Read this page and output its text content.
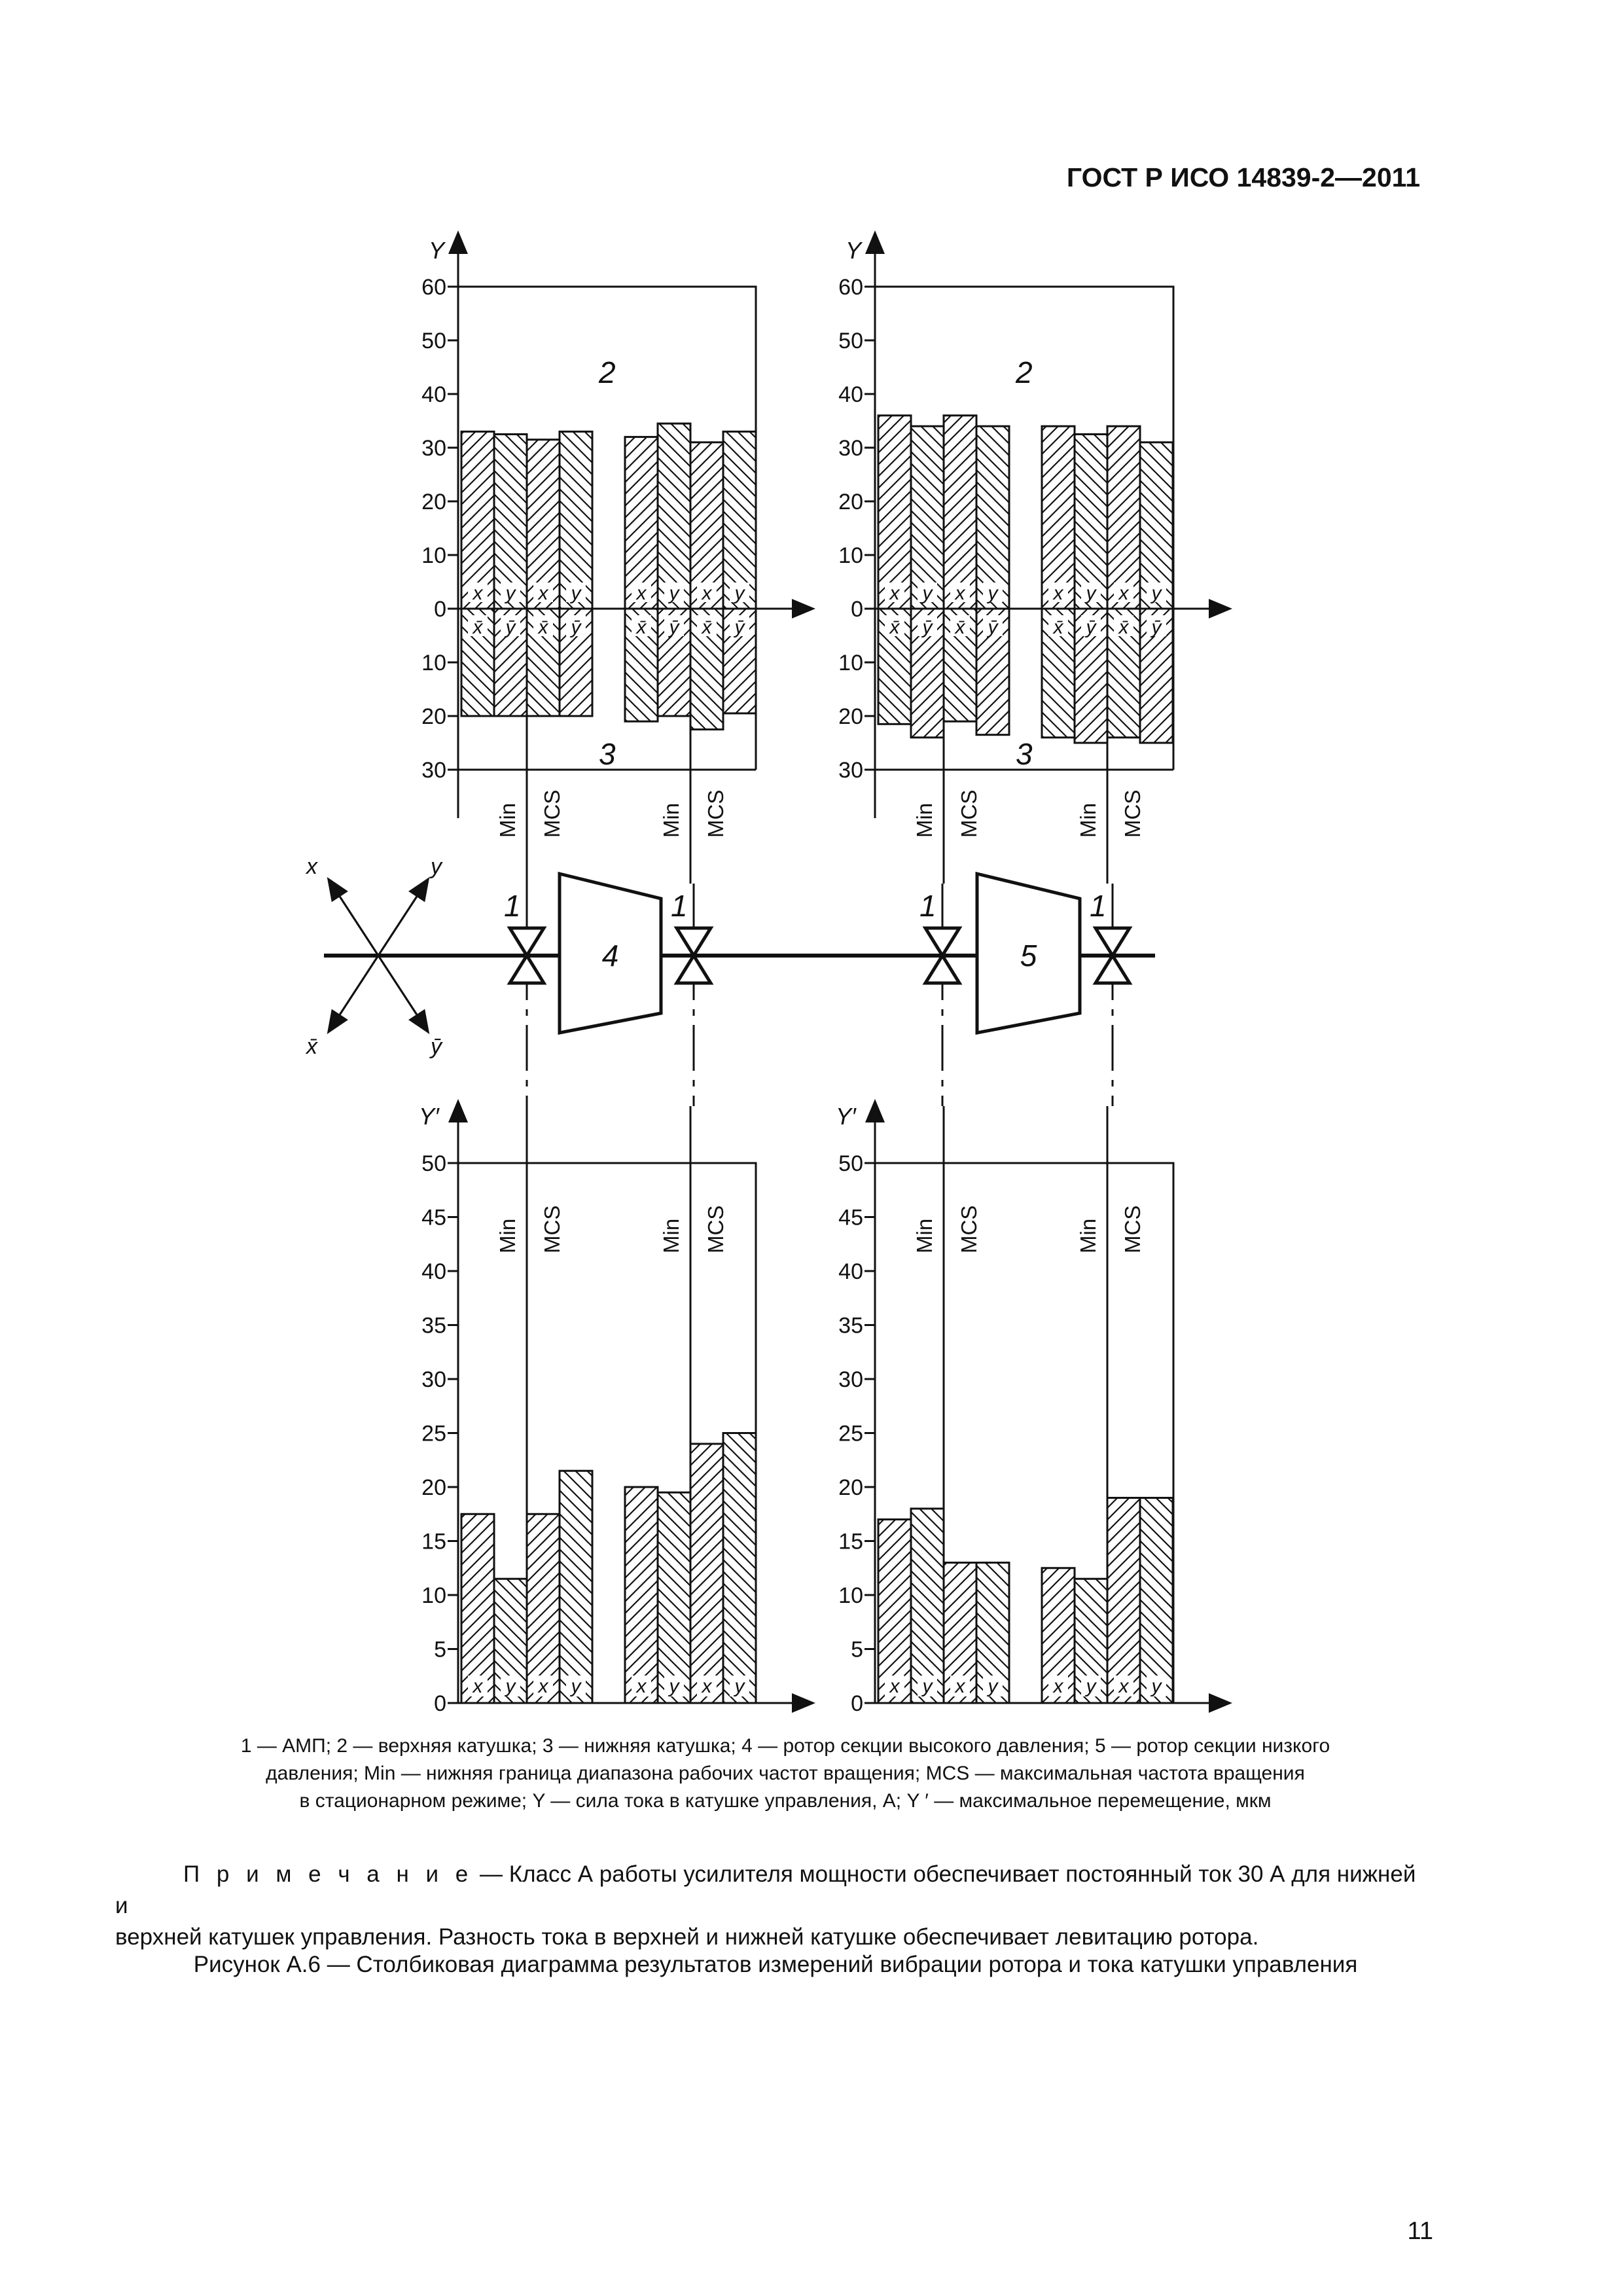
ГОСТ Р ИСО 14839-2—2011
Y
60
50
40
30
20
10
0
10
20
30
x
x̄
y
ȳ
x
x̄
y
ȳ
Min MCS
x
x̄
y
ȳ
x
x̄
y
ȳ
Min MCS
2
3
Y
60
50
40
30
20
10
0
10
20
30
x
x̄
y
ȳ
x
x̄
y
ȳ
Min MCS
x
x̄
y
ȳ
x
x̄
y
ȳ
Min MCS
2
3
Y′
50
45
40
35
30
25
20
15
10
5
0
x y x y
Min MCS
x y x y
Min MCS
Y′
50
45
40
35
30
25
20
15
10
5
0
x y x y
Min MCS
x y x y
Min MCS
1	1	1	1
4	5
x	y
x̄	ȳ
1 — АМП; 2 — верхняя катушка; 3 — нижняя катушка; 4 — ротор секции высокого давления; 5 — ротор секции низкого
давления; Min — нижняя граница диапазона рабочих частот вращения; MCS — максимальная частота вращения
в стационарном режиме; Y — сила тока в катушке управления, А; Y ′ — максимальное перемещение, мкм
П р и м е ч а н и е — Класс А работы усилителя мощности обеспечивает постоянный ток 30 А для нижней и
верхней катушек управления. Разность тока в верхней и нижней катушке обеспечивает левитацию ротора.
Рисунок А.6 — Столбиковая диаграмма результатов измерений вибрации ротора и тока катушки управления
11
